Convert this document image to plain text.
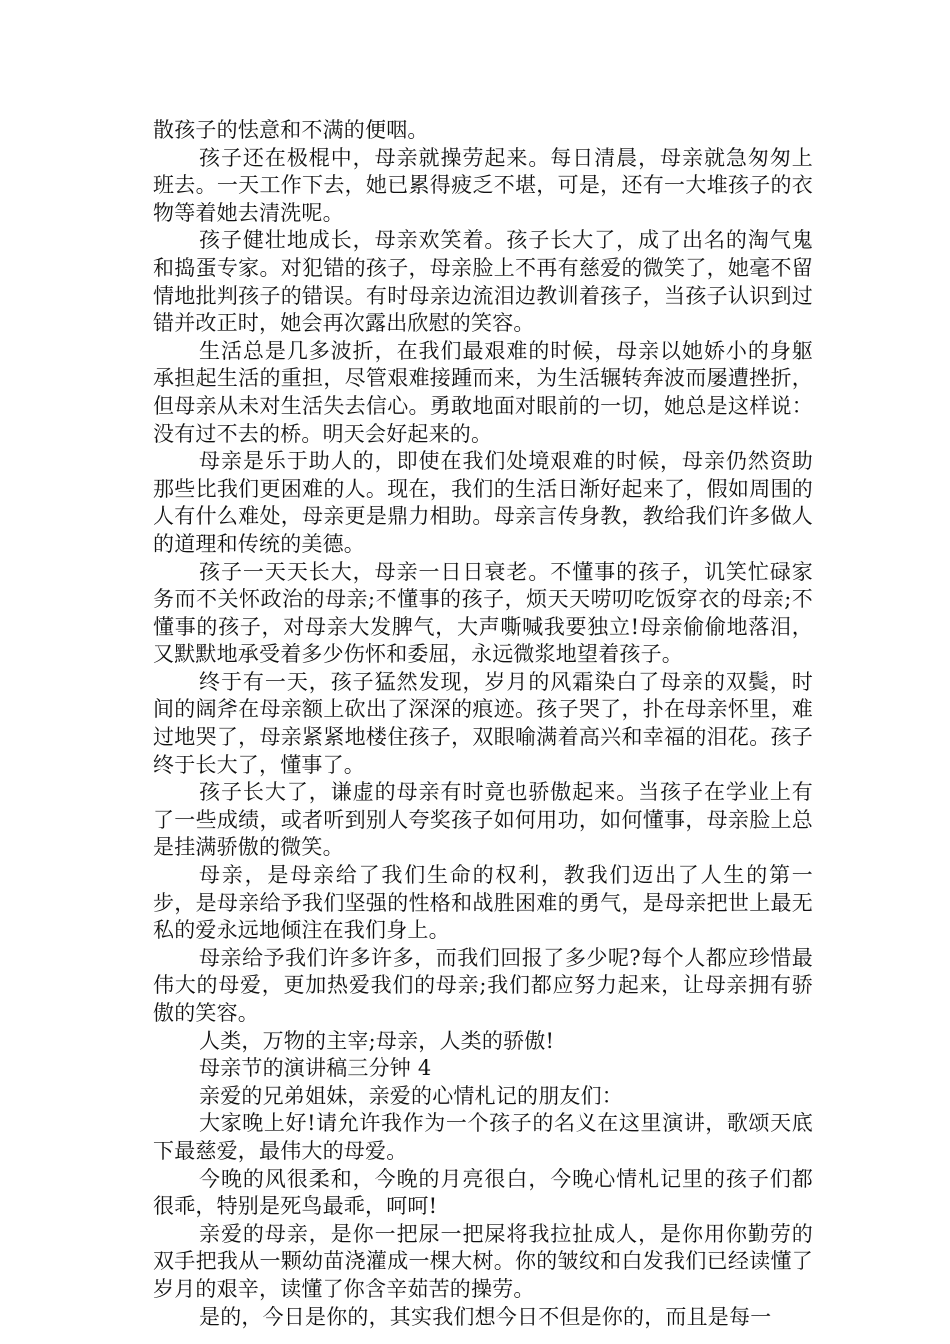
散孩子的怯意和不满的便咽。

孩子还在极棍中，母亲就操劳起来。每日清晨，母亲就急匆匆上班去。一天工作下去，她已累得疲乏不堪，可是，还有一大堆孩子的衣物等着她去清洗呢。

孩子健壮地成长，母亲欢笑着。孩子长大了，成了出名的淘气鬼和捣蛋专家。对犯错的孩子，母亲脸上不再有慈爱的微笑了，她毫不留情地批判孩子的错误。有时母亲边流泪边教训着孩子，当孩子认识到过错并改正时，她会再次露出欣慰的笑容。

生活总是几多波折，在我们最艰难的时候，母亲以她娇小的身躯承担起生活的重担，尽管艰难接踵而来，为生活辗转奔波而屡遭挫折，但母亲从未对生活失去信心。勇敢地面对眼前的一切，她总是这样说：没有过不去的桥。明天会好起来的。

母亲是乐于助人的，即使在我们处境艰难的时候，母亲仍然资助那些比我们更困难的人。现在，我们的生活日渐好起来了，假如周围的人有什么难处，母亲更是鼎力相助。母亲言传身教，教给我们许多做人的道理和传统的美德。

孩子一天天长大，母亲一日日衰老。不懂事的孩子，讥笑忙碌家务而不关怀政治的母亲;不懂事的孩子，烦天天唠叨吃饭穿衣的母亲;不懂事的孩子，对母亲大发脾气，大声嘶喊我要独立!母亲偷偷地落泪，又默默地承受着多少伤怀和委屈，永远微浆地望着孩子。

终于有一天，孩子猛然发现，岁月的风霜染白了母亲的双鬓，时间的阔斧在母亲额上砍出了深深的痕迹。孩子哭了，扑在母亲怀里，难过地哭了，母亲紧紧地楼住孩子，双眼喻满着高兴和幸福的泪花。孩子终于长大了，懂事了。

孩子长大了，谦虚的母亲有时竟也骄傲起来。当孩子在学业上有了一些成绩，或者听到别人夸奖孩子如何用功，如何懂事，母亲脸上总是挂满骄傲的微笑。

母亲，是母亲给了我们生命的权利，教我们迈出了人生的第一步，是母亲给予我们坚强的性格和战胜困难的勇气，是母亲把世上最无私的爱永远地倾注在我们身上。

母亲给予我们许多许多，而我们回报了多少呢?每个人都应珍惜最伟大的母爱，更加热爱我们的母亲;我们都应努力起来，让母亲拥有骄傲的笑容。

人类，万物的主宰;母亲，人类的骄傲!

母亲节的演讲稿三分钟 4

亲爱的兄弟姐妹，亲爱的心情札记的朋友们：

大家晚上好!请允许我作为一个孩子的名义在这里演讲，歌颂天底下最慈爱，最伟大的母爱。

今晚的风很柔和，今晚的月亮很白，今晚心情札记里的孩子们都很乖，特别是死鸟最乖，呵呵!

亲爱的母亲，是你一把尿一把屎将我拉扯成人，是你用你勤劳的双手把我从一颗幼苗浇灌成一棵大树。你的皱纹和白发我们已经读懂了岁月的艰辛，读懂了你含辛茹苦的操劳。

是的，今日是你的，其实我们想今日不但是你的，而且是每一
